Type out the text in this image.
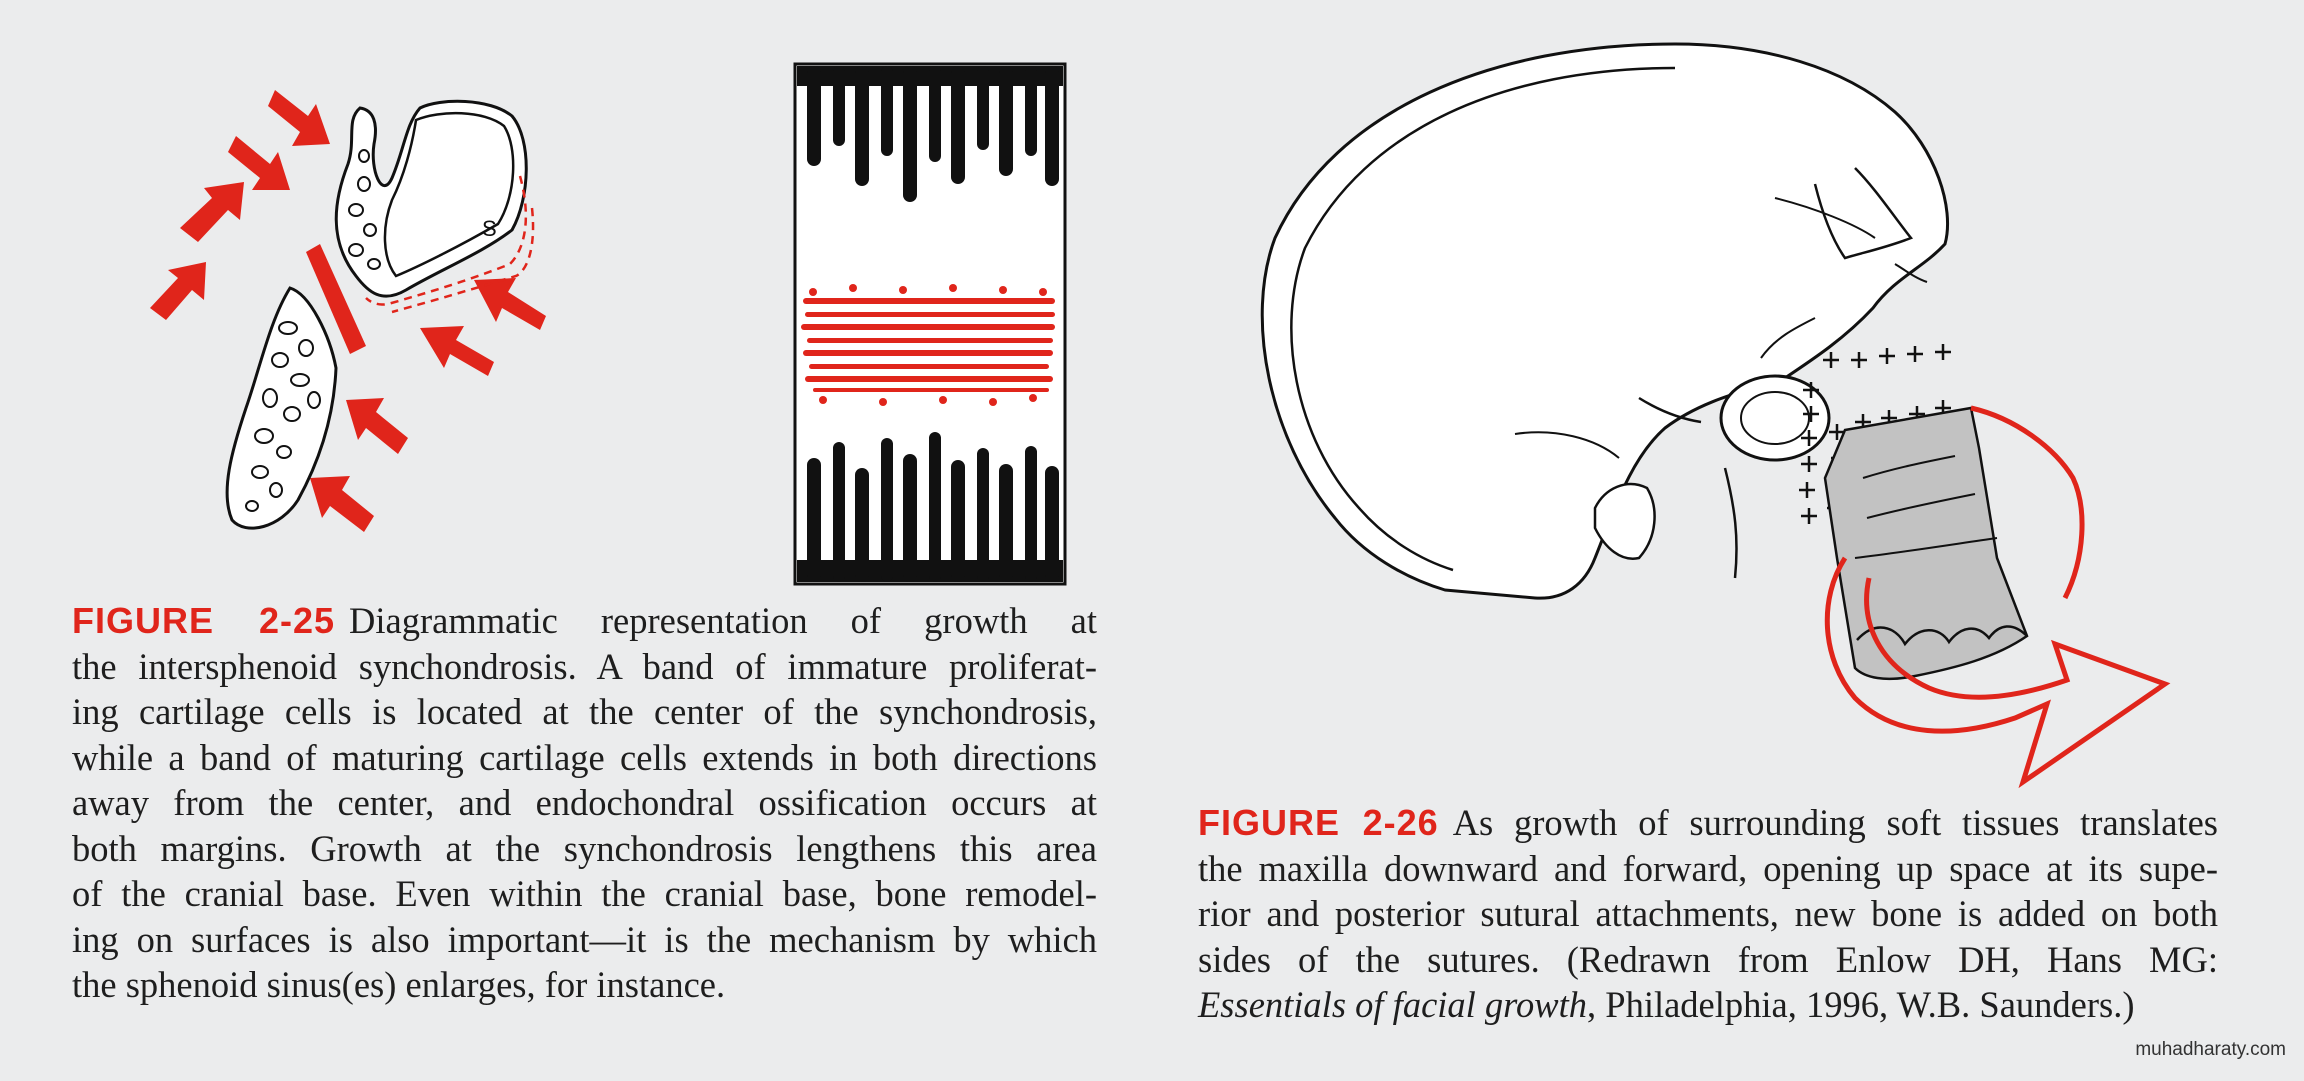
S
FIGURE 2-25 Diagrammatic representation of growth at
the intersphenoid synchondrosis. A band of immature proliferat-
ing cartilage cells is located at the center of the synchondrosis,
while a band of maturing cartilage cells extends in both directions
away from the center, and endochondral ossification occurs at
both margins. Growth at the synchondrosis lengthens this area
of the cranial base. Even within the cranial base, bone remodel-
ing on surfaces is also important—it is the mechanism by which
the sphenoid sinus(es) enlarges, for instance.
FIGURE 2-26 As growth of surrounding soft tissues translates
the maxilla downward and forward, opening up space at its supe-
rior and posterior sutural attachments, new bone is added on both
sides of the sutures. (Redrawn from Enlow DH, Hans MG:
Essentials of facial growth, Philadelphia, 1996, W.B. Saunders.)
muhadharaty.com
